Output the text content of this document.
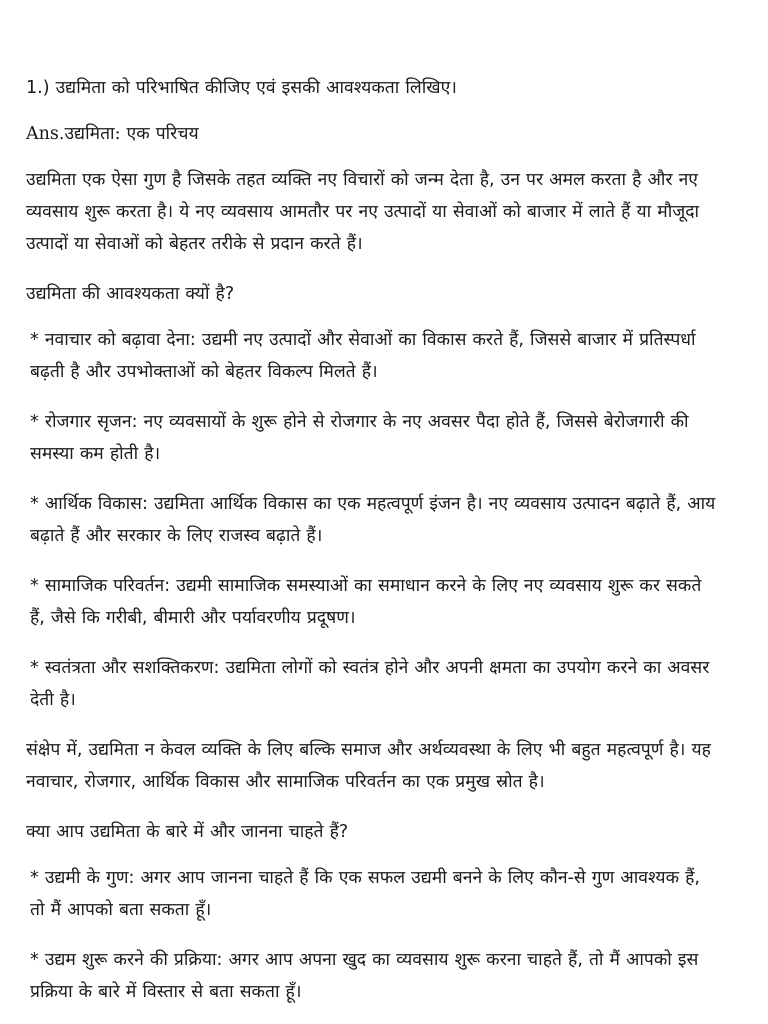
1.) उद्यमिता को परिभाषित कीजिए एवं इसकी आवश्यकता लिखिए।

Ans.उद्यमिता: एक परिचय

उद्यमिता एक ऐसा गुण है जिसके तहत व्यक्ति नए विचारों को जन्म देता है, उन पर अमल करता है और नए व्यवसाय शुरू करता है। ये नए व्यवसाय आमतौर पर नए उत्पादों या सेवाओं को बाजार में लाते हैं या मौजूदा उत्पादों या सेवाओं को बेहतर तरीके से प्रदान करते हैं।

उद्यमिता की आवश्यकता क्यों है?

* नवाचार को बढ़ावा देना: उद्यमी नए उत्पादों और सेवाओं का विकास करते हैं, जिससे बाजार में प्रतिस्पर्धा बढ़ती है और उपभोक्ताओं को बेहतर विकल्प मिलते हैं।

* रोजगार सृजन: नए व्यवसायों के शुरू होने से रोजगार के नए अवसर पैदा होते हैं, जिससे बेरोजगारी की समस्या कम होती है।

* आर्थिक विकास: उद्यमिता आर्थिक विकास का एक महत्वपूर्ण इंजन है। नए व्यवसाय उत्पादन बढ़ाते हैं, आय बढ़ाते हैं और सरकार के लिए राजस्व बढ़ाते हैं।

* सामाजिक परिवर्तन: उद्यमी सामाजिक समस्याओं का समाधान करने के लिए नए व्यवसाय शुरू कर सकते हैं, जैसे कि गरीबी, बीमारी और पर्यावरणीय प्रदूषण।

* स्वतंत्रता और सशक्तिकरण: उद्यमिता लोगों को स्वतंत्र होने और अपनी क्षमता का उपयोग करने का अवसर देती है।

संक्षेप में, उद्यमिता न केवल व्यक्ति के लिए बल्कि समाज और अर्थव्यवस्था के लिए भी बहुत महत्वपूर्ण है। यह नवाचार, रोजगार, आर्थिक विकास और सामाजिक परिवर्तन का एक प्रमुख स्रोत है।

क्या आप उद्यमिता के बारे में और जानना चाहते हैं?

* उद्यमी के गुण: अगर आप जानना चाहते हैं कि एक सफल उद्यमी बनने के लिए कौन-से गुण आवश्यक हैं, तो मैं आपको बता सकता हूँ।

* उद्यम शुरू करने की प्रक्रिया: अगर आप अपना खुद का व्यवसाय शुरू करना चाहते हैं, तो मैं आपको इस प्रक्रिया के बारे में विस्तार से बता सकता हूँ।
